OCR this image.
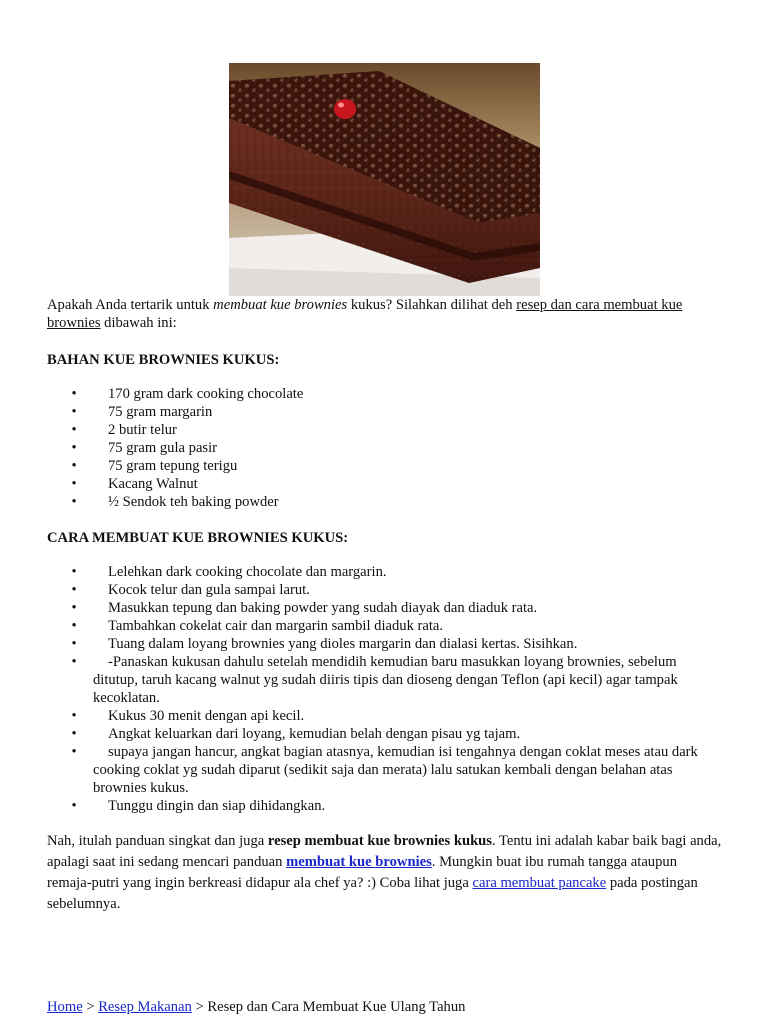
Apakah Anda tertarik untuk membuat kue brownies kukus? Silahkan dilihat deh resep dan cara membuat kue brownies dibawah ini:
BAHAN KUE BROWNIES KUKUS:
•	170 gram dark cooking chocolate
•	75 gram margarin
•	2 butir telur
•	75 gram gula pasir
•	75 gram tepung terigu
•	Kacang Walnut
•	½ Sendok teh baking powder
CARA MEMBUAT KUE BROWNIES KUKUS:
•	Lelehkan dark cooking chocolate dan margarin.
•	Kocok telur dan gula sampai larut.
•	Masukkan tepung dan baking powder yang sudah diayak dan diaduk rata.
•	Tambahkan cokelat cair dan margarin sambil diaduk rata.
•	Tuang dalam loyang brownies yang dioles margarin dan dialasi kertas. Sisihkan.
•	-Panaskan kukusan dahulu setelah mendidih kemudian baru masukkan loyang brownies, sebelum ditutup, taruh kacang walnut yg sudah diiris tipis dan dioseng dengan Teflon (api kecil) agar tampak kecoklatan.
•	Kukus 30 menit dengan api kecil.
•	Angkat keluarkan dari loyang, kemudian belah dengan pisau yg tajam.
•	supaya jangan hancur, angkat bagian atasnya, kemudian isi tengahnya dengan coklat meses atau dark cooking coklat yg sudah diparut (sedikit saja dan merata) lalu satukan kembali dengan belahan atas brownies kukus.
•	Tunggu dingin dan siap dihidangkan.
Nah, itulah panduan singkat dan juga resep membuat kue brownies kukus. Tentu ini adalah kabar baik bagi anda, apalagi saat ini sedang mencari panduan membuat kue brownies. Mungkin buat ibu rumah tangga ataupun remaja-putri yang ingin berkreasi didapur ala chef ya? :) Coba lihat juga cara membuat pancake pada postingan sebelumnya.
Home > Resep Makanan > Resep dan Cara Membuat Kue Ulang Tahun
